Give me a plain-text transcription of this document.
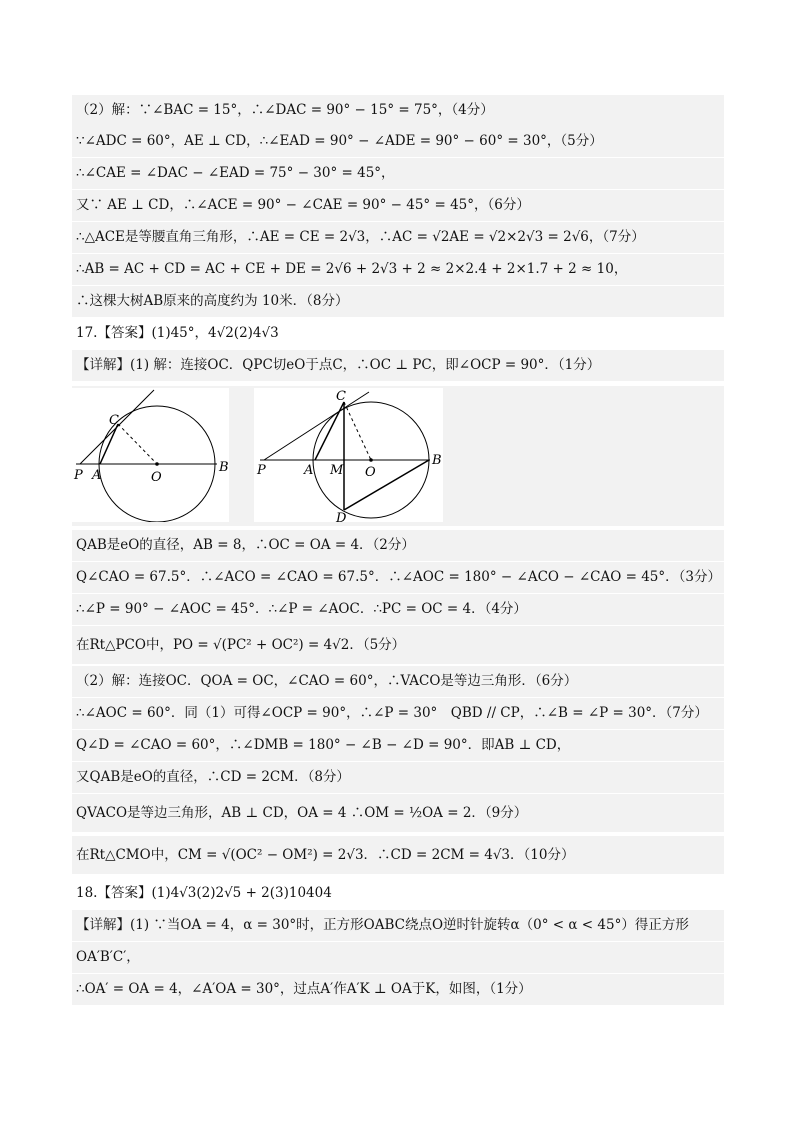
（2）解：∵∠BAC = 15°，∴∠DAC = 90° − 15° = 75°，（4分）
∵∠ADC = 60°，AE ⊥ CD，∴∠EAD = 90° − ∠ADE = 90° − 60° = 30°，（5分）
∴∠CAE = ∠DAC − ∠EAD = 75° − 30° = 45°，
又∵ AE ⊥ CD，∴∠ACE = 90° − ∠CAE = 90° − 45° = 45°，（6分）
∴△ACE是等腰直角三角形，∴AE = CE = 2√3，∴AC = √2AE = √2×2√3 = 2√6，（7分）
∴AB = AC + CD = AC + CE + DE = 2√6 + 2√3 + 2 ≈ 2×2.4 + 2×1.7 + 2 ≈ 10，
∴这棵大树AB原来的高度约为 10米．（8分）
17.【答案】(1)45°，4√2(2)4√3
【详解】(1) 解：连接OC．QPC切eO于点C，∴OC ⊥ PC，即∠OCP = 90°．（1分）
C
P A	O
B
C
P	A M O
B
D
QAB是eO的直径，AB = 8，∴OC = OA = 4．（2分）
Q∠CAO = 67.5°．∴∠ACO = ∠CAO = 67.5°．∴∠AOC = 180° − ∠ACO − ∠CAO = 45°．（3分）
∴∠P = 90° − ∠AOC = 45°．∴∠P = ∠AOC．∴PC = OC = 4．（4分）
在Rt△PCO中，PO = √(PC² + OC²) = 4√2．（5分）
（2）解：连接OC．QOA = OC，∠CAO = 60°，∴VACO是等边三角形．（6分）
∴∠AOC = 60°．同（1）可得∠OCP = 90°，∴∠P = 30°　QBD // CP，∴∠B = ∠P = 30°．（7分）
Q∠D = ∠CAO = 60°，∴∠DMB = 180° − ∠B − ∠D = 90°．即AB ⊥ CD，
又QAB是eO的直径，∴CD = 2CM．（8分）
QVACO是等边三角形，AB ⊥ CD，OA = 4 ∴OM = ½OA = 2．（9分）
在Rt△CMO中，CM = √(OC² − OM²) = 2√3．∴CD = 2CM = 4√3．（10分）
18.【答案】(1)4√3(2)2√5 + 2(3)10404
【详解】(1) ∵当OA = 4，α = 30°时，正方形OABC绕点O逆时针旋转α（0° < α < 45°）得正方形
OA′B′C′，
∴OA′ = OA = 4，∠A′OA = 30°，过点A′作A′K ⊥ OA于K，如图，（1分）
